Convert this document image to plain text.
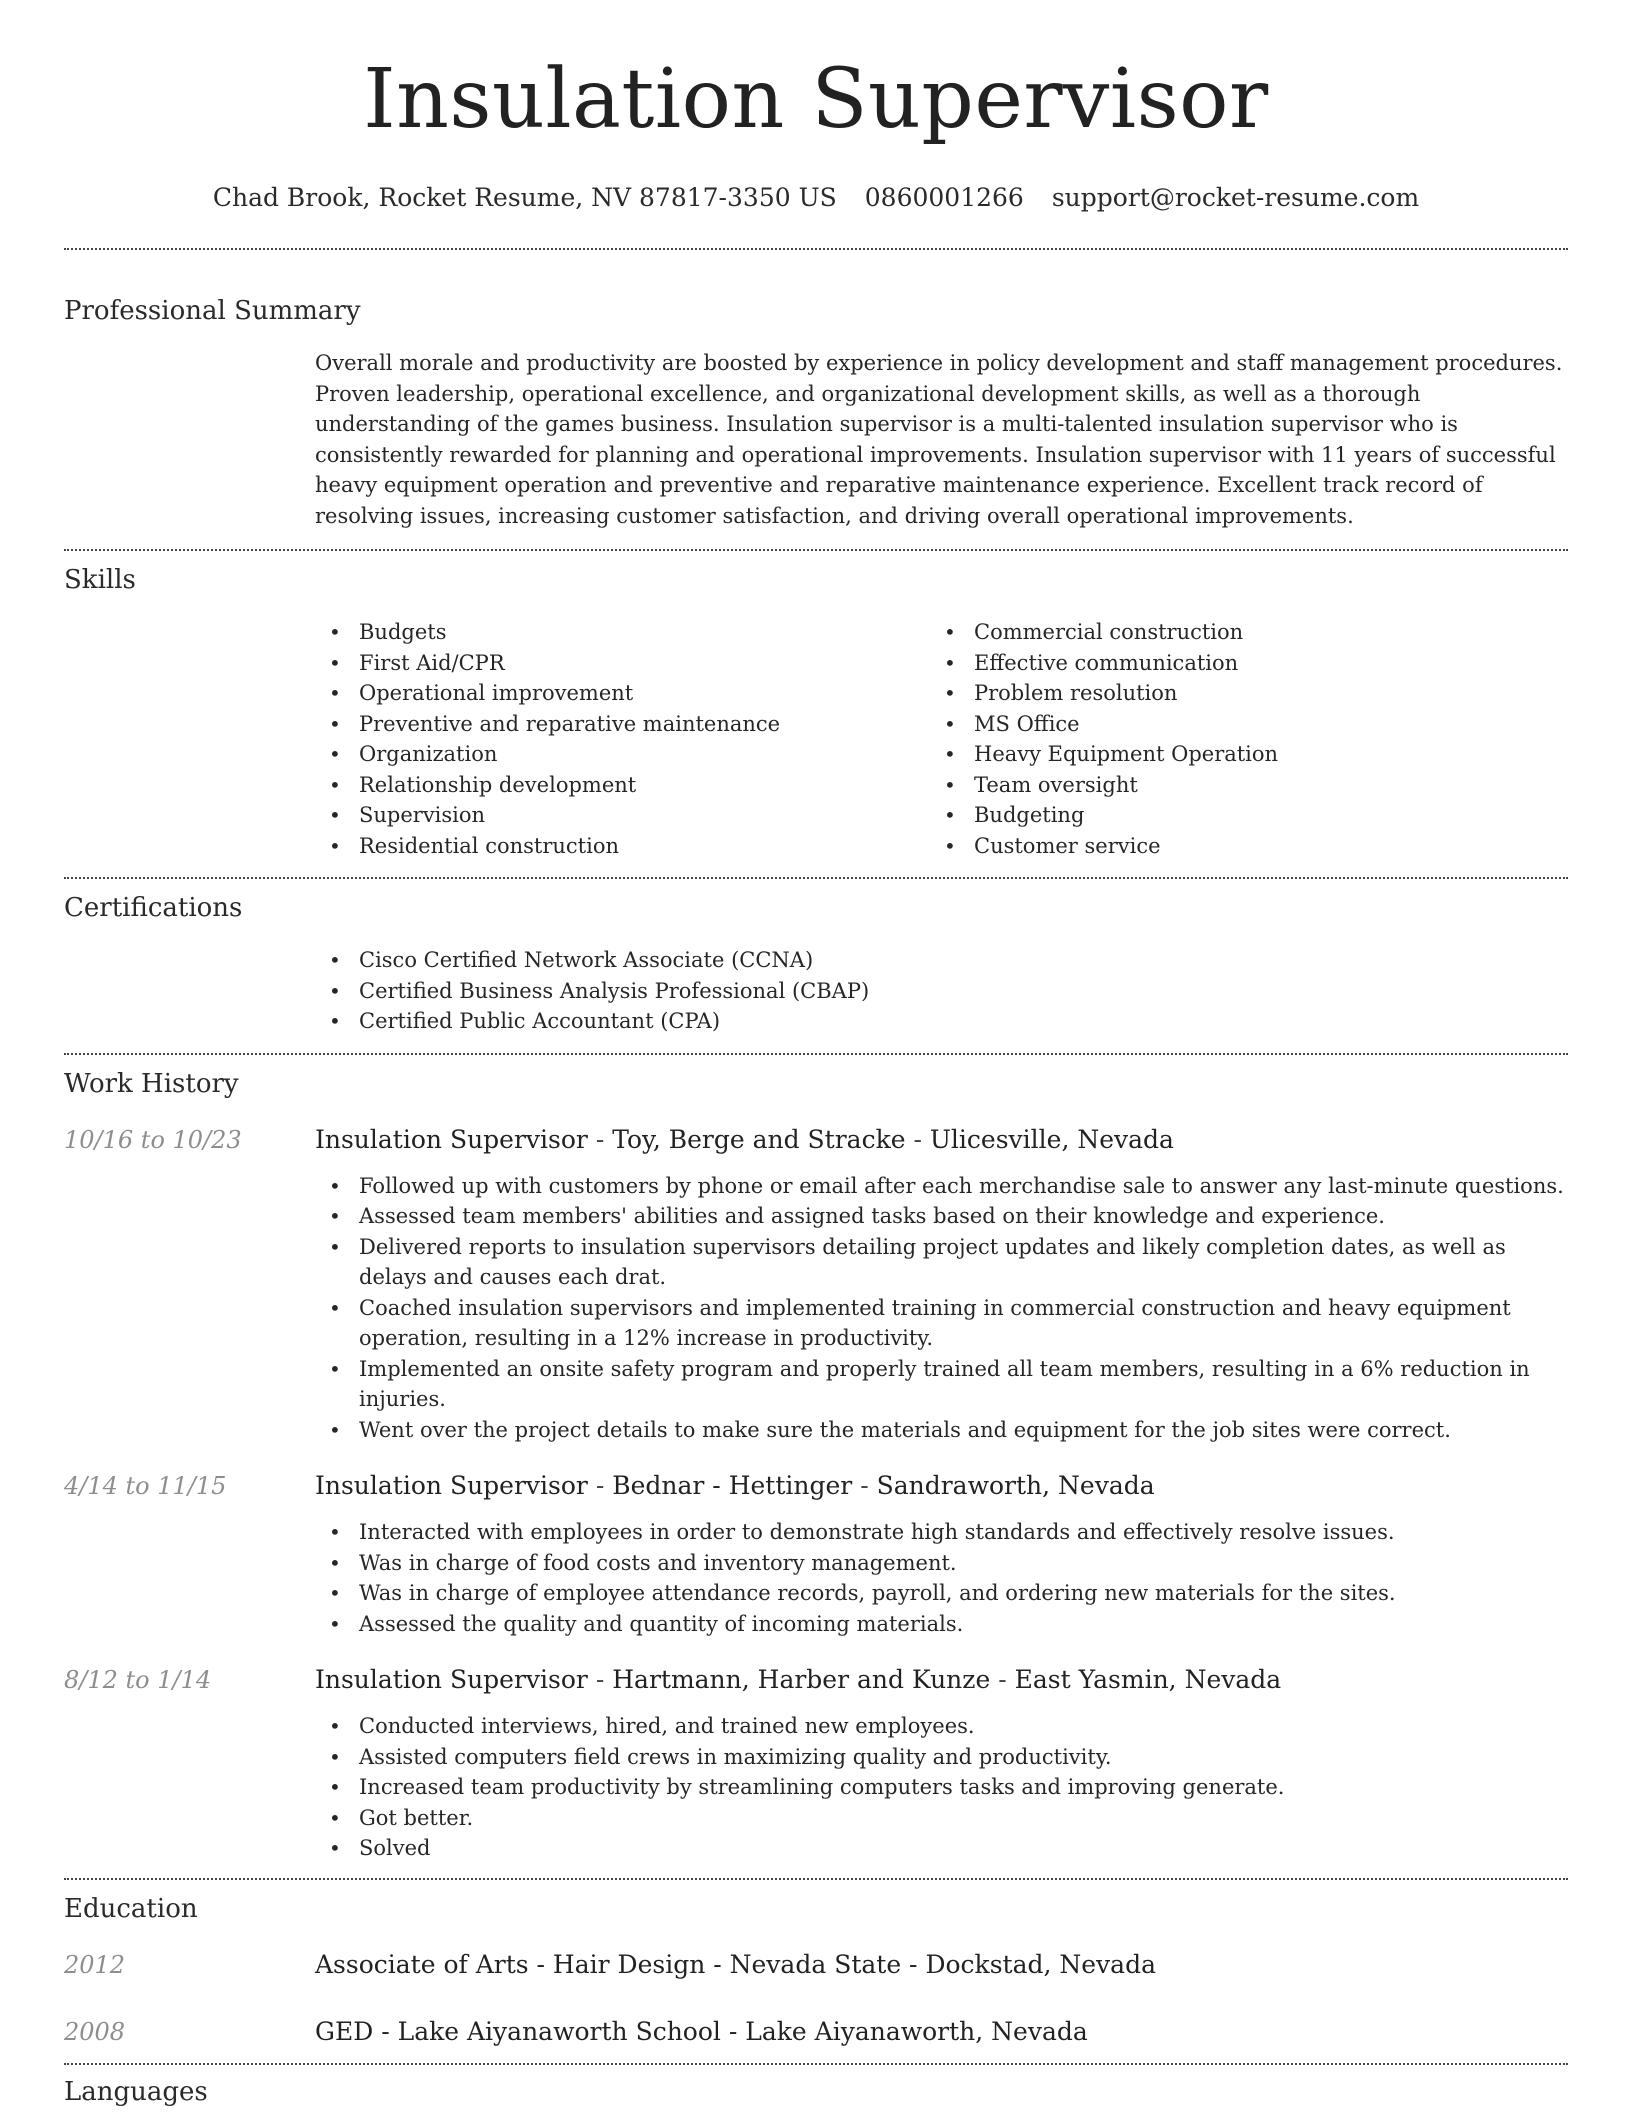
Insulation Supervisor
Chad Brook, Rocket Resume, NV 87817-3350 US 0860001266 support@rocket-resume.com
Professional Summary

Overall morale and productivity are boosted by experience in policy development and staff management procedures. Proven leadership, operational excellence, and organizational development skills, as well as a thorough understanding of the games business. Insulation supervisor is a multi-talented insulation supervisor who is consistently rewarded for planning and operational improvements. Insulation supervisor with 11 years of successful heavy equipment operation and preventive and reparative maintenance experience. Excellent track record of resolving issues, increasing customer satisfaction, and driving overall operational improvements.

Skills
• Budgets
• First Aid/CPR
• Operational improvement
• Preventive and reparative maintenance
• Organization
• Relationship development
• Supervision
• Residential construction
• Commercial construction
• Effective communication
• Problem resolution
• MS Office
• Heavy Equipment Operation
• Team oversight
• Budgeting
• Customer service
Certifications
• Cisco Certified Network Associate (CCNA)
• Certified Business Analysis Professional (CBAP)
• Certified Public Accountant (CPA)
Work History
10/16 to 10/23	Insulation Supervisor - Toy, Berge and Stracke - Ulicesville, Nevada
• Followed up with customers by phone or email after each merchandise sale to answer any last-minute questions.
• Assessed team members' abilities and assigned tasks based on their knowledge and experience.
• Delivered reports to insulation supervisors detailing project updates and likely completion dates, as well as delays and causes each drat.
• Coached insulation supervisors and implemented training in commercial construction and heavy equipment operation, resulting in a 12% increase in productivity.
• Implemented an onsite safety program and properly trained all team members, resulting in a 6% reduction in injuries.
• Went over the project details to make sure the materials and equipment for the job sites were correct.
4/14 to 11/15	Insulation Supervisor - Bednar - Hettinger - Sandraworth, Nevada
• Interacted with employees in order to demonstrate high standards and effectively resolve issues.
• Was in charge of food costs and inventory management.
• Was in charge of employee attendance records, payroll, and ordering new materials for the sites.
• Assessed the quality and quantity of incoming materials.
8/12 to 1/14	Insulation Supervisor - Hartmann, Harber and Kunze - East Yasmin, Nevada
• Conducted interviews, hired, and trained new employees.
• Assisted computers field crews in maximizing quality and productivity.
• Increased team productivity by streamlining computers tasks and improving generate.
• Got better.
• Solved
Education
2012	Associate of Arts - Hair Design - Nevada State - Dockstad, Nevada
2008	GED - Lake Aiyanaworth School - Lake Aiyanaworth, Nevada
Languages
